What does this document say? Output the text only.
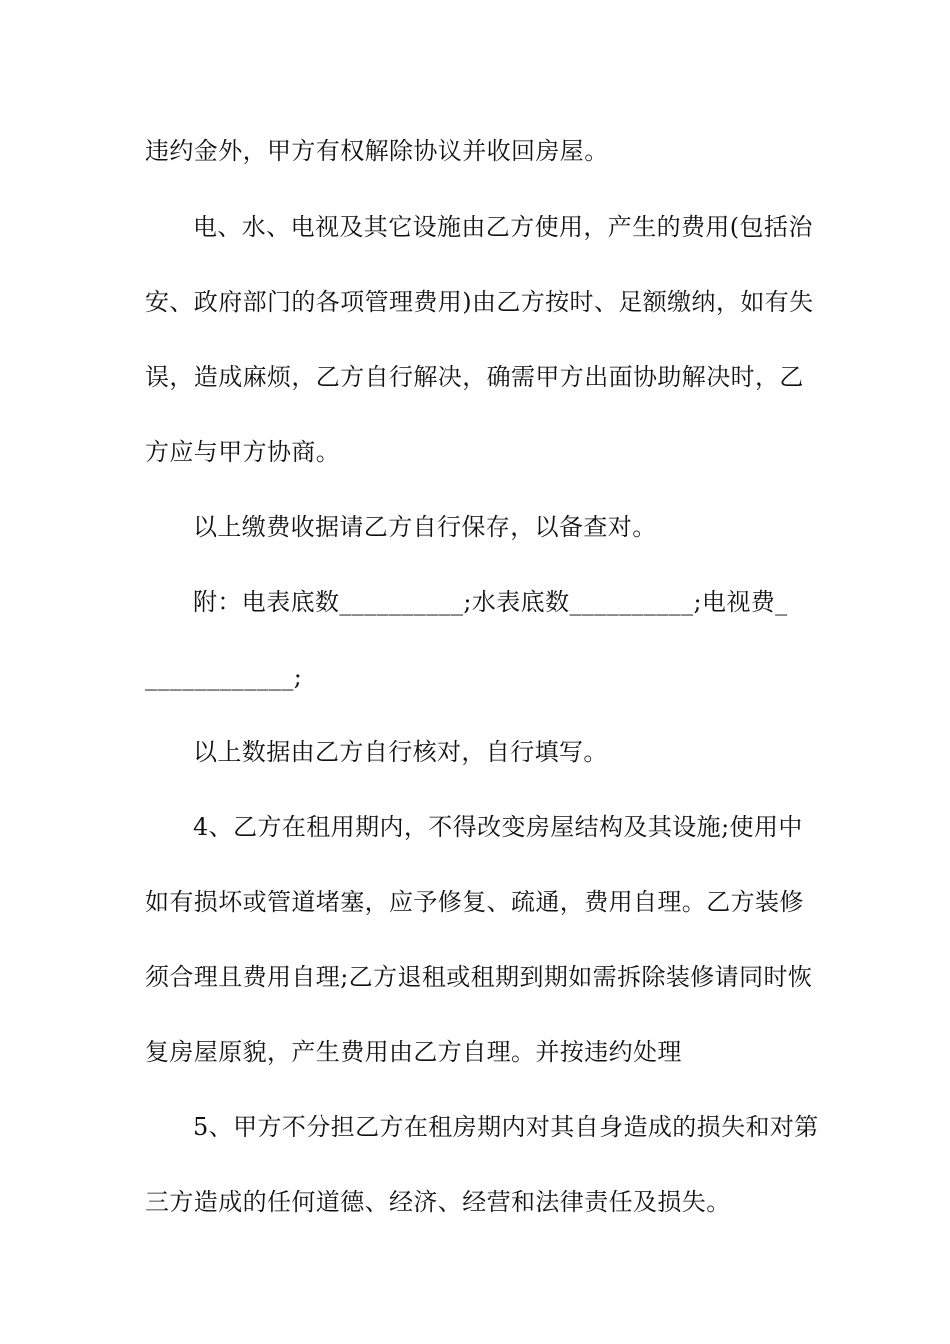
违约金外，甲方有权解除协议并收回房屋。
电、水、电视及其它设施由乙方使用，产生的费用(包括治
安、政府部门的各项管理费用)由乙方按时、足额缴纳，如有失
误，造成麻烦，乙方自行解决，确需甲方出面协助解决时，乙
方应与甲方协商。
以上缴费收据请乙方自行保存，以备查对。
附：电表底数__________;水表底数__________;电视费_
____________;
以上数据由乙方自行核对，自行填写。
4、乙方在租用期内，不得改变房屋结构及其设施;使用中
如有损坏或管道堵塞，应予修复、疏通，费用自理。乙方装修
须合理且费用自理;乙方退租或租期到期如需拆除装修请同时恢
复房屋原貌，产生费用由乙方自理。并按违约处理
5、甲方不分担乙方在租房期内对其自身造成的损失和对第
三方造成的任何道德、经济、经营和法律责任及损失。
